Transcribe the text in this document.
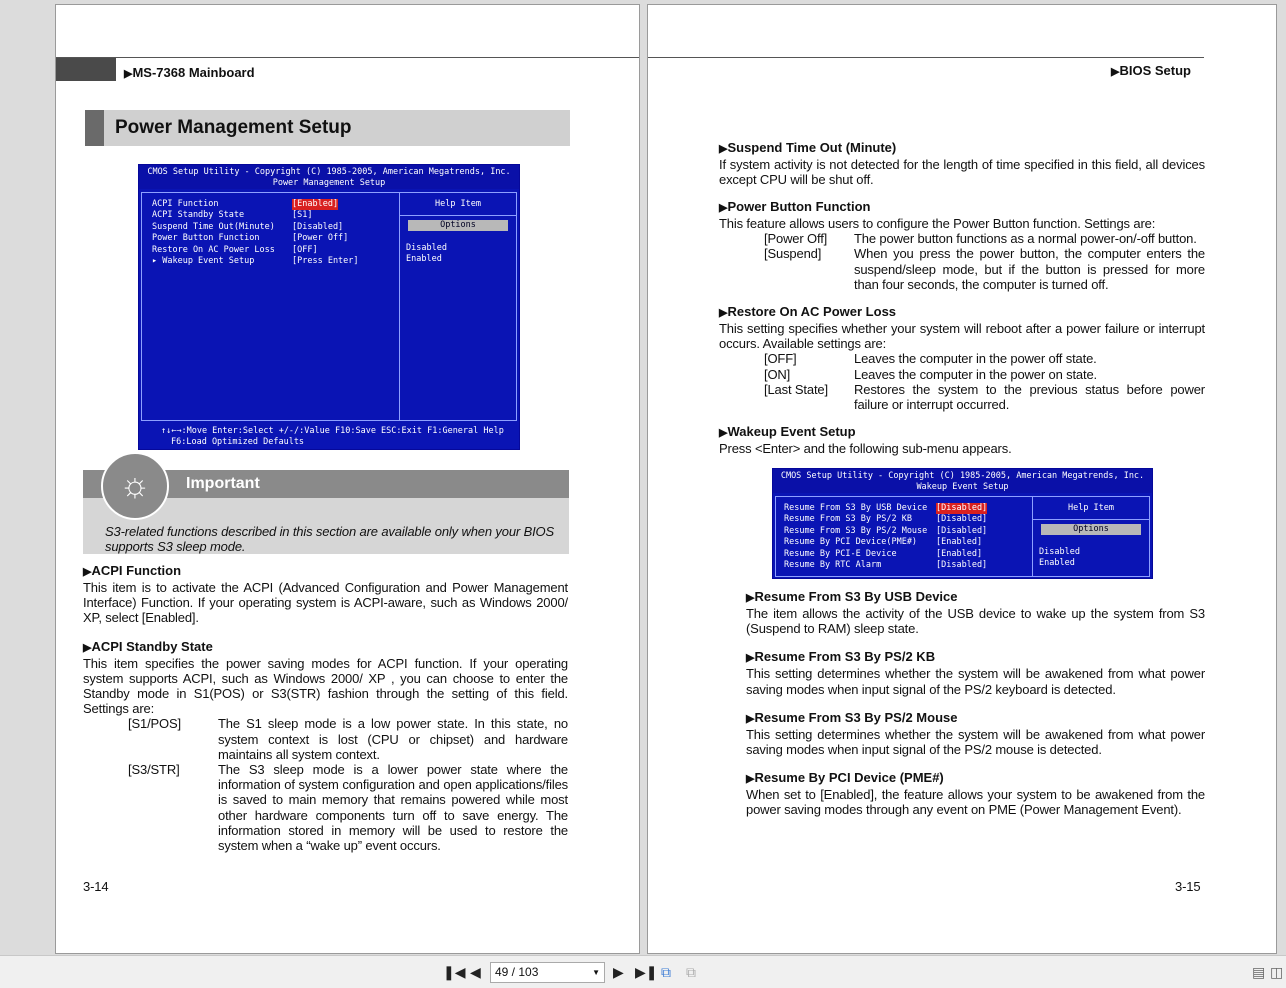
▶ MS-7368 Mainboard
Power Management Setup
CMOS Setup Utility - Copyright (C) 1985-2005, American Megatrends, Inc.
Power Management Setup
ACPI Function	[Enabled]
ACPI Standby State	[S1]
Suspend Time Out(Minute)	[Disabled]
Power Button Function	[Power Off]
Restore On AC Power Loss	[OFF]
▸ Wakeup Event Setup	[Press Enter]
Help Item
Options
Disabled
Enabled
↑↓←→:Move Enter:Select +/-/:Value F10:Save ESC:Exit F1:General Help
F6:Load Optimized Defaults
☼	Important
S3-related functions described in this section are available only when your BIOS supports S3 sleep mode.
▶ ACPI Function
This item is to activate the ACPI (Advanced Configuration and Power Management Interface) Function. If your operating system is ACPI-aware, such as Windows 2000/ XP, select [Enabled].
▶ ACPI Standby State
This item specifies the power saving modes for ACPI function. If your operating system supports ACPI, such as Windows 2000/ XP , you can choose to enter the Standby mode in S1(POS) or S3(STR) fashion through the setting of this field. Settings are:
[S1/POS]	The S1 sleep mode is a low power state. In this state, no system context is lost (CPU or chipset) and hardware maintains all system context.
[S3/STR]	The S3 sleep mode is a lower power state where the information of system configuration and open applications/files is saved to main memory that remains powered while most other hardware components turn off to save energy. The information stored in memory will be used to restore the system when a “wake up” event occurs.
3-14
▶ BIOS Setup
▶ Suspend Time Out (Minute)
If system activity is not detected for the length of time specified in this field, all devices except CPU will be shut off.
▶ Power Button Function
This feature allows users to configure the Power Button function. Settings are:
[Power Off]	The power button functions as a normal power-on/-off button.
[Suspend]	When you press the power button, the computer enters the suspend/sleep mode, but if the button is pressed for more than four seconds, the computer is turned off.
▶ Restore On AC Power Loss
This setting specifies whether your system will reboot after a power failure or interrupt occurs. Available settings are:
[OFF]	Leaves the computer in the power off state.
[ON]	Leaves the computer in the power on state.
[Last State]	Restores the system to the previous status before power failure or interrupt occurred.
▶ Wakeup Event Setup
Press <Enter> and the following sub-menu appears.
CMOS Setup Utility - Copyright (C) 1985-2005, American Megatrends, Inc.
Wakeup Event Setup
Resume From S3 By USB Device	[Disabled]
Resume From S3 By PS/2 KB	[Disabled]
Resume From S3 By PS/2 Mouse	[Disabled]
Resume By PCI Device(PME#)	[Enabled]
Resume By PCI-E Device	[Enabled]
Resume By RTC Alarm	[Disabled]
Help Item
Options
Disabled
Enabled
▶ Resume From S3 By USB Device
The item allows the activity of the USB device to wake up the system from S3 (Suspend to RAM) sleep state.
▶ Resume From S3 By PS/2 KB
This setting determines whether the system will be awakened from what power saving modes when input signal of the PS/2 keyboard is detected.
▶ Resume From S3 By PS/2 Mouse
This setting determines whether the system will be awakened from what power saving modes when input signal of the PS/2 mouse is detected.
▶ Resume By PCI Device (PME#)
When set to [Enabled], the feature allows your system to be awakened from the power saving modes through any event on PME (Power Management Event).
3-15
❚◀ ◀	49 / 103	▼ ▶ ▶❚ ⧉ ⧉	▤ ◫
